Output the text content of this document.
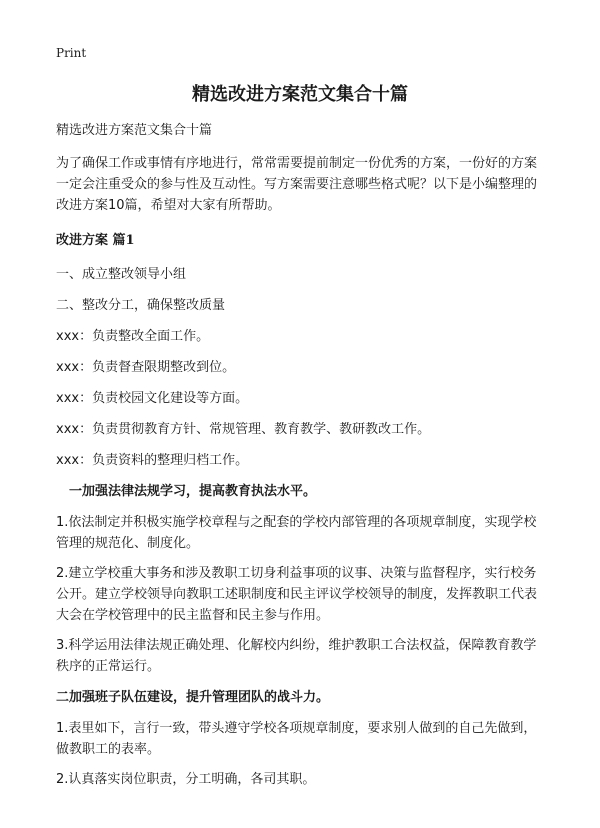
Print
精选改进方案范文集合十篇

精选改进方案范文集合十篇

为了确保工作或事情有序地进行，常常需要提前制定一份优秀的方案，一份好的方案一定会注重受众的参与性及互动性。写方案需要注意哪些格式呢？以下是小编整理的改进方案10篇，希望对大家有所帮助。

改进方案 篇1

一、成立整改领导小组

二、整改分工，确保整改质量

xxx：负责整改全面工作。

xxx：负责督查限期整改到位。

xxx：负责校园文化建设等方面。

xxx：负责贯彻教育方针、常规管理、教育教学、教研教改工作。

xxx：负责资料的整理归档工作。

一加强法律法规学习，提高教育执法水平。

1.依法制定并积极实施学校章程与之配套的学校内部管理的各项规章制度，实现学校管理的规范化、制度化。

2.建立学校重大事务和涉及教职工切身利益事项的议事、决策与监督程序，实行校务公开。建立学校领导向教职工述职制度和民主评议学校领导的制度，发挥教职工代表大会在学校管理中的民主监督和民主参与作用。

3.科学运用法律法规正确处理、化解校内纠纷，维护教职工合法权益，保障教育教学秩序的正常运行。

二加强班子队伍建设，提升管理团队的战斗力。

1.表里如下，言行一致，带头遵守学校各项规章制度，要求别人做到的自己先做到，做教职工的表率。

2.认真落实岗位职责，分工明确，各司其职。
